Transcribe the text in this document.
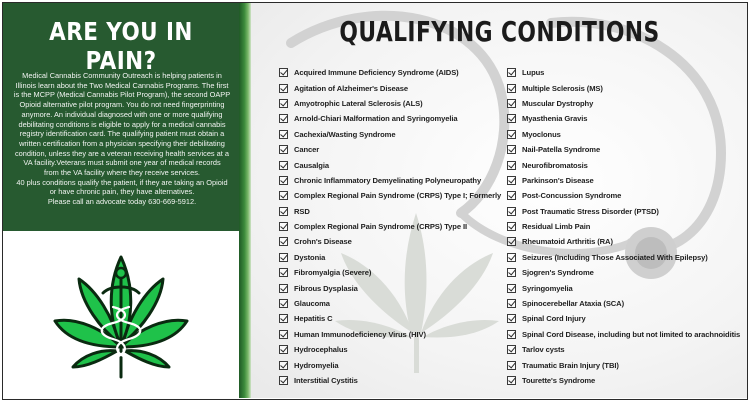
ARE YOU IN PAIN?
Medical Cannabis Community Outreach is helping patients in
Illinois learn about the Two Medical Cannabis Programs. The first
is the MCPP (Medical Cannabis Pilot Program), the second OAPP
Opioid alternative pilot program. You do not need fingerprinting
anymore. An individual diagnosed with one or more qualifying
debilitating conditions is eligible to apply for a medical cannabis
registry identification card. The qualifying patient must obtain a
written certification from a physician specifying their debilitating
condition, unless they are a veteran receiving health services at a
VA facility.Veterans must submit one year of medical records
from the VA facility where they receive services.
40 plus conditions qualify the patient, if they are taking an Opioid
or have chronic pain, they have alternatives.
Please call an advocate today 630-669-5912.
QUALIFYING CONDITIONS
Acquired Immune Deficiency Syndrome (AIDS)
Agitation of Alzheimer's Disease
Amyotrophic Lateral Sclerosis (ALS)
Arnold-Chiari Malformation and Syringomyelia
Cachexia/Wasting Syndrome
Cancer
Causalgia
Chronic Inflammatory Demyelinating Polyneuropathy
Complex Regional Pain Syndrome (CRPS) Type I; Formerly
RSD
Complex Regional Pain Syndrome (CRPS) Type II
Crohn's Disease
Dystonia
Fibromyalgia (Severe)
Fibrous Dysplasia
Glaucoma
Hepatitis C
Human Immunodeficiency Virus (HIV)
Hydrocephalus
Hydromyelia
Interstitial Cystitis
Lupus
Multiple Sclerosis (MS)
Muscular Dystrophy
Myasthenia Gravis
Myoclonus
Nail-Patella Syndrome
Neurofibromatosis
Parkinson's Disease
Post-Concussion Syndrome
Post Traumatic Stress Disorder (PTSD)
Residual Limb Pain
Rheumatoid Arthritis (RA)
Seizures (Including Those Associated With Epilepsy)
Sjogren's Syndrome
Syringomyelia
Spinocerebellar Ataxia (SCA)
Spinal Cord Injury
Spinal Cord Disease, including but not limited to arachnoiditis
Tarlov cysts
Traumatic Brain Injury (TBI)
Tourette's Syndrome
